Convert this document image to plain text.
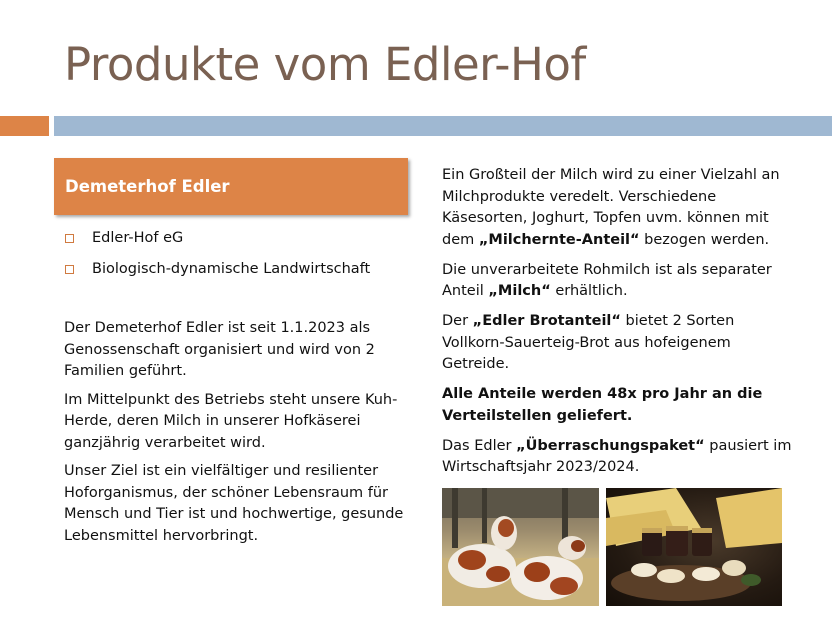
Produkte vom Edler-Hof
Demeterhof Edler
Edler-Hof eG
Biologisch-dynamische Landwirtschaft

Der Demeterhof Edler ist seit 1.1.2023 als Genossenschaft organisiert und wird von 2 Familien geführt.

Im Mittelpunkt des Betriebs steht unsere Kuh-Herde, deren Milch in unserer Hofkäserei ganzjährig verarbeitet wird.

Unser Ziel ist ein vielfältiger und resilienter Hoforganismus, der schöner Lebensraum für Mensch und Tier ist und hochwertige, gesunde Lebensmittel hervorbringt.

Ein Großteil der Milch wird zu einer Vielzahl an Milchprodukte veredelt. Verschiedene Käsesorten, Joghurt, Topfen uvm. können mit dem „Milchernte-Anteil“ bezogen werden.

Die unverarbeitete Rohmilch ist als separater Anteil „Milch“ erhältlich.

Der „Edler Brotanteil“ bietet 2 Sorten Vollkorn-Sauerteig-Brot aus hofeigenem Getreide.

Alle Anteile werden 48x pro Jahr an die Verteilstellen geliefert.

Das Edler „Überraschungspaket“ pausiert im Wirtschaftsjahr 2023/2024.
